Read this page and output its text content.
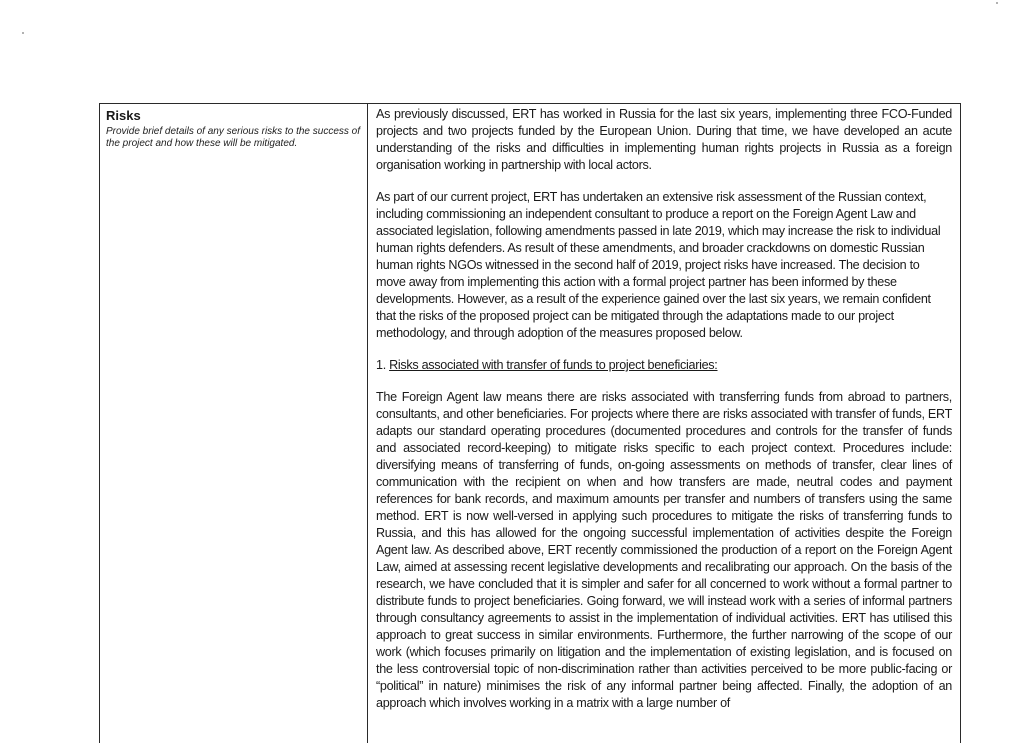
Risks

Provide brief details of any serious risks to the success of the project and how these will be mitigated.

As previously discussed, ERT has worked in Russia for the last six years, implementing three FCO-Funded projects and two projects funded by the European Union. During that time, we have developed an acute understanding of the risks and difficulties in implementing human rights projects in Russia as a foreign organisation working in partnership with local actors.

As part of our current project, ERT has undertaken an extensive risk assessment of the Russian context, including commissioning an independent consultant to produce a report on the Foreign Agent Law and associated legislation, following amendments passed in late 2019, which may increase the risk to individual human rights defenders. As result of these amendments, and broader crackdowns on domestic Russian human rights NGOs witnessed in the second half of 2019, project risks have increased. The decision to move away from implementing this action with a formal project partner has been informed by these developments. However, as a result of the experience gained over the last six years, we remain confident that the risks of the proposed project can be mitigated through the adaptations made to our project methodology, and through adoption of the measures proposed below.

1. Risks associated with transfer of funds to project beneficiaries:

The Foreign Agent law means there are risks associated with transferring funds from abroad to partners, consultants, and other beneficiaries. For projects where there are risks associated with transfer of funds, ERT adapts our standard operating procedures (documented procedures and controls for the transfer of funds and associated record-keeping) to mitigate risks specific to each project context. Procedures include: diversifying means of transferring of funds, on-going assessments on methods of transfer, clear lines of communication with the recipient on when and how transfers are made, neutral codes and payment references for bank records, and maximum amounts per transfer and numbers of transfers using the same method. ERT is now well-versed in applying such procedures to mitigate the risks of transferring funds to Russia, and this has allowed for the ongoing successful implementation of activities despite the Foreign Agent law. As described above, ERT recently commissioned the production of a report on the Foreign Agent Law, aimed at assessing recent legislative developments and recalibrating our approach. On the basis of the research, we have concluded that it is simpler and safer for all concerned to work without a formal partner to distribute funds to project beneficiaries. Going forward, we will instead work with a series of informal partners through consultancy agreements to assist in the implementation of individual activities. ERT has utilised this approach to great success in similar environments. Furthermore, the further narrowing of the scope of our work (which focuses primarily on litigation and the implementation of existing legislation, and is focused on the less controversial topic of non-discrimination rather than activities perceived to be more public-facing or “political” in nature) minimises the risk of any informal partner being affected. Finally, the adoption of an approach which involves working in a matrix with a large number of
